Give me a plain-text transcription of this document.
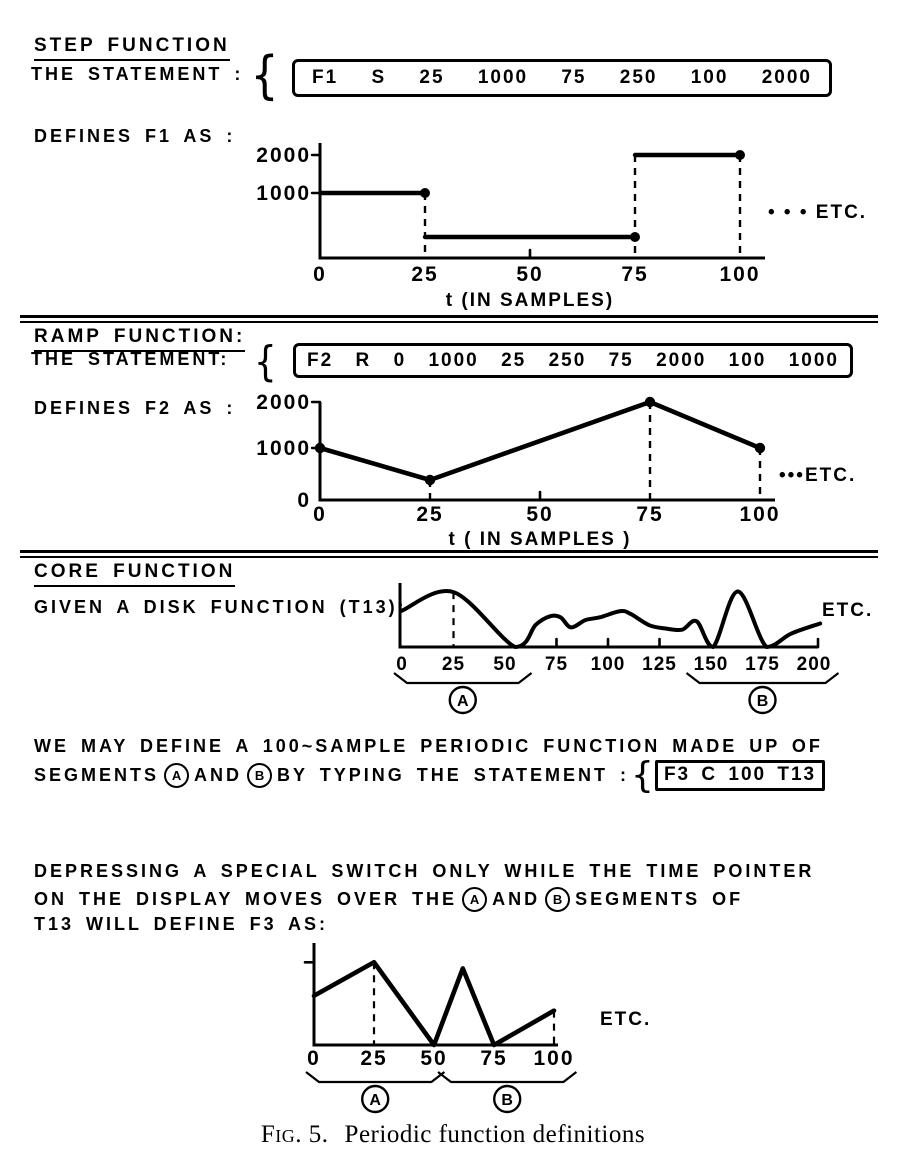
STEP FUNCTION
THE STATEMENT : { F1 S 25 1000 75 250 100 2000
DEFINES F1 AS :
1000
2000
0	25	50	75	100
t (IN SAMPLES)
• • • ETC.
RAMP FUNCTION:
THE STATEMENT: { F2 R 0 1000 25 250 75 2000 100 1000
DEFINES F2 AS :
0
1000
2000
0	25	50	75	100
t ( IN SAMPLES )
•••ETC.
CORE FUNCTION
GIVEN A DISK FUNCTION (T13):
0 25 50 75 100 125 150 175 200
A	B
ETC.
WE MAY DEFINE A 100~SAMPLE PERIODIC FUNCTION MADE UP OF
SEGMENTS A AND B BY TYPING THE STATEMENT : { F3 C 100 T13
DEPRESSING A SPECIAL SWITCH ONLY WHILE THE TIME POINTER
ON THE DISPLAY MOVES OVER THE A AND B SEGMENTS OF
T13 WILL DEFINE F3 AS:
0 25 50 75 100
A	B
ETC.
Fig. 5. Periodic function definitions
